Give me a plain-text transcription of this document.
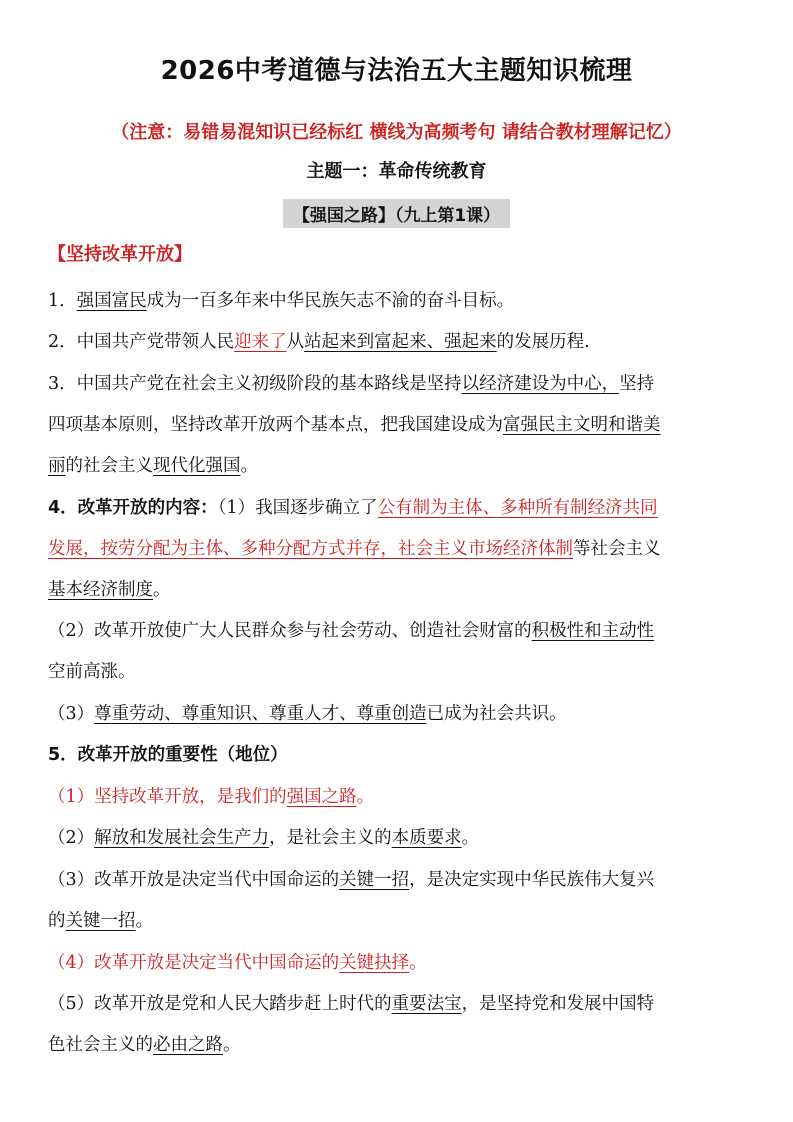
2026中考道德与法治五大主题知识梳理
（注意：易错易混知识已经标红 横线为高频考句 请结合教材理解记忆）
主题一：革命传统教育
【强国之路】（九上第1课）
【坚持改革开放】
1．强国富民成为一百多年来中华民族矢志不渝的奋斗目标。
2．中国共产党带领人民迎来了从站起来到富起来、强起来的发展历程.
3．中国共产党在社会主义初级阶段的基本路线是坚持以经济建设为中心，坚持
四项基本原则，坚持改革开放两个基本点，把我国建设成为富强民主文明和谐美
丽的社会主义现代化强国。
4．改革开放的内容：（1）我国逐步确立了公有制为主体、多种所有制经济共同
发展，按劳分配为主体、多种分配方式并存，社会主义市场经济体制等社会主义
基本经济制度。
（2）改革开放使广大人民群众参与社会劳动、创造社会财富的积极性和主动性
空前高涨。
（3）尊重劳动、尊重知识、尊重人才、尊重创造已成为社会共识。
5．改革开放的重要性（地位）
（1）坚持改革开放，是我们的强国之路。
（2）解放和发展社会生产力，是社会主义的本质要求。
（3）改革开放是决定当代中国命运的关键一招，是决定实现中华民族伟大复兴
的关键一招。
（4）改革开放是决定当代中国命运的关键抉择。
（5）改革开放是党和人民大踏步赶上时代的重要法宝，是坚持党和发展中国特
色社会主义的必由之路。
